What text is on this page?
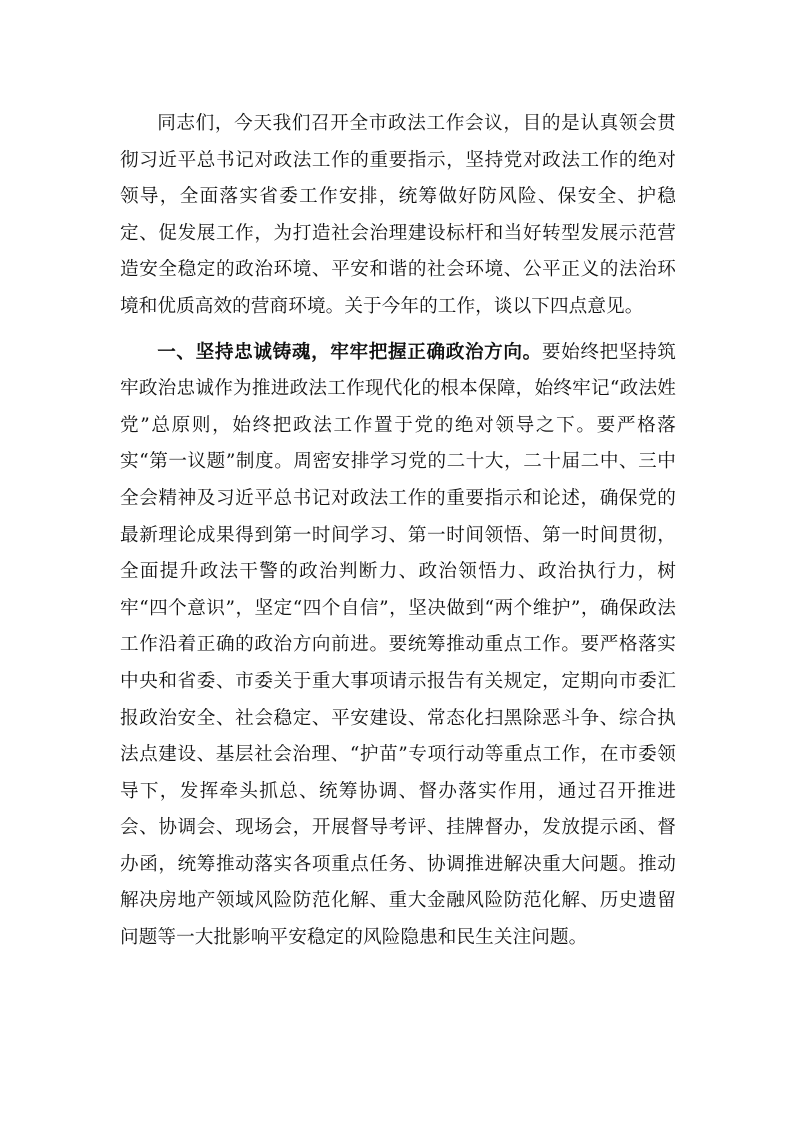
同志们，今天我们召开全市政法工作会议，目的是认真领会贯彻习近平总书记对政法工作的重要指示，坚持党对政法工作的绝对领导，全面落实省委工作安排，统筹做好防风险、保安全、护稳定、促发展工作，为打造社会治理建设标杆和当好转型发展示范营造安全稳定的政治环境、平安和谐的社会环境、公平正义的法治环境和优质高效的营商环境。关于今年的工作，谈以下四点意见。

一、坚持忠诚铸魂，牢牢把握正确政治方向。要始终把坚持筑牢政治忠诚作为推进政法工作现代化的根本保障，始终牢记“政法姓党”总原则，始终把政法工作置于党的绝对领导之下。要严格落实“第一议题”制度。周密安排学习党的二十大，二十届二中、三中全会精神及习近平总书记对政法工作的重要指示和论述，确保党的最新理论成果得到第一时间学习、第一时间领悟、第一时间贯彻，全面提升政法干警的政治判断力、政治领悟力、政治执行力，树牢“四个意识”，坚定“四个自信”，坚决做到“两个维护”，确保政法工作沿着正确的政治方向前进。要统筹推动重点工作。要严格落实中央和省委、市委关于重大事项请示报告有关规定，定期向市委汇报政治安全、社会稳定、平安建设、常态化扫黑除恶斗争、综合执法点建设、基层社会治理、“护苗”专项行动等重点工作，在市委领导下，发挥牵头抓总、统筹协调、督办落实作用，通过召开推进会、协调会、现场会，开展督导考评、挂牌督办，发放提示函、督办函，统筹推动落实各项重点任务、协调推进解决重大问题。推动解决房地产领域风险防范化解、重大金融风险防范化解、历史遗留问题等一大批影响平安稳定的风险隐患和民生关注问题。
